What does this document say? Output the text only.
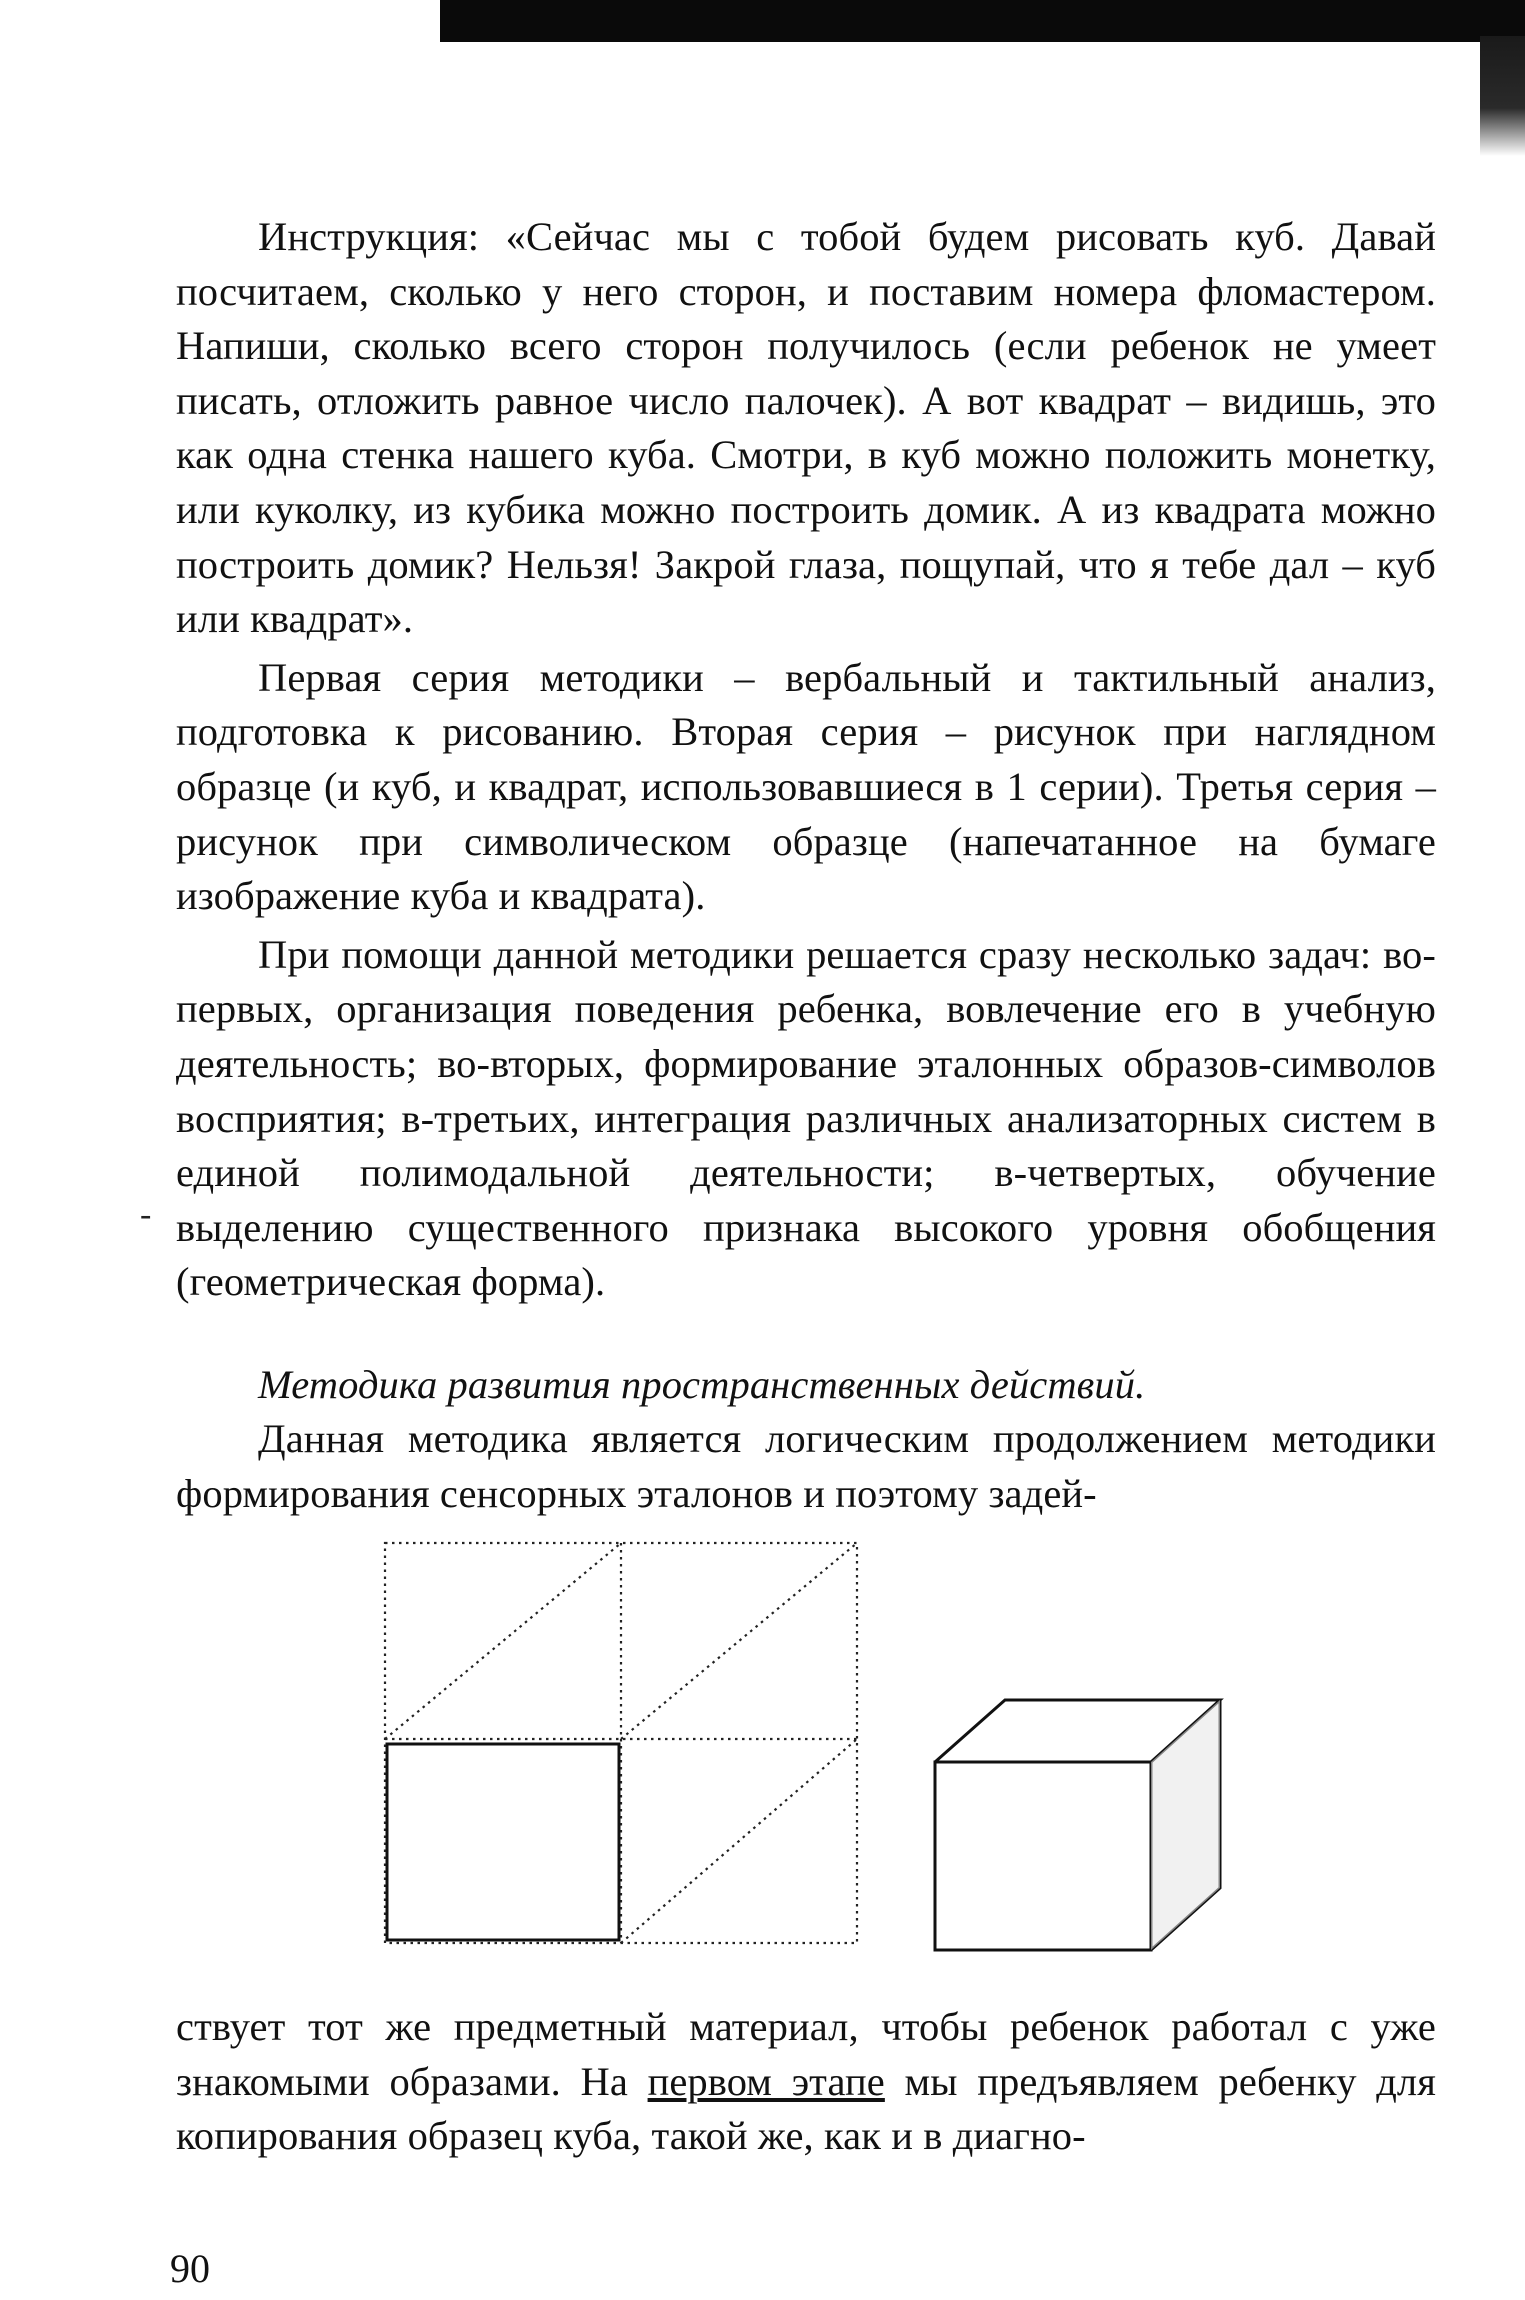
Инструкция: «Сейчас мы с тобой будем рисовать куб. Давай посчитаем, сколько у него сторон, и поставим номера фломастером. Напиши, сколько всего сторон получилось (если ребенок не умеет писать, отложить равное число палочек). А вот квадрат – видишь, это как одна стенка нашего куба. Смотри, в куб можно положить монетку, или куколку, из кубика можно построить домик. А из квадрата можно построить домик? Нельзя! Закрой глаза, пощупай, что я тебе дал – куб или квадрат».

Первая серия методики – вербальный и тактильный анализ, подготовка к рисованию. Вторая серия – рисунок при наглядном образце (и куб, и квадрат, использовавшиеся в 1 серии). Третья серия – рисунок при символическом образце (напечатанное на бумаге изображение куба и квадрата).

При помощи данной методики решается сразу несколько задач: во-первых, организация поведения ребенка, вовлечение его в учебную деятельность; во-вторых, формирование эталонных образов-символов восприятия; в-третьих, интеграция различных анализаторных систем в единой полимодальной деятельности; в-четвертых, обучение выделению существенного признака высокого уровня обобщения (геометрическая форма).

Методика развития пространственных действий.

Данная методика является логическим продолжением методики формирования сенсорных эталонов и поэтому задей-

-

ствует тот же предметный материал, чтобы ребенок работал с уже знакомыми образами. На первом этапе мы предъявляем ребенку для копирования образец куба, такой же, как и в диагно-

90
